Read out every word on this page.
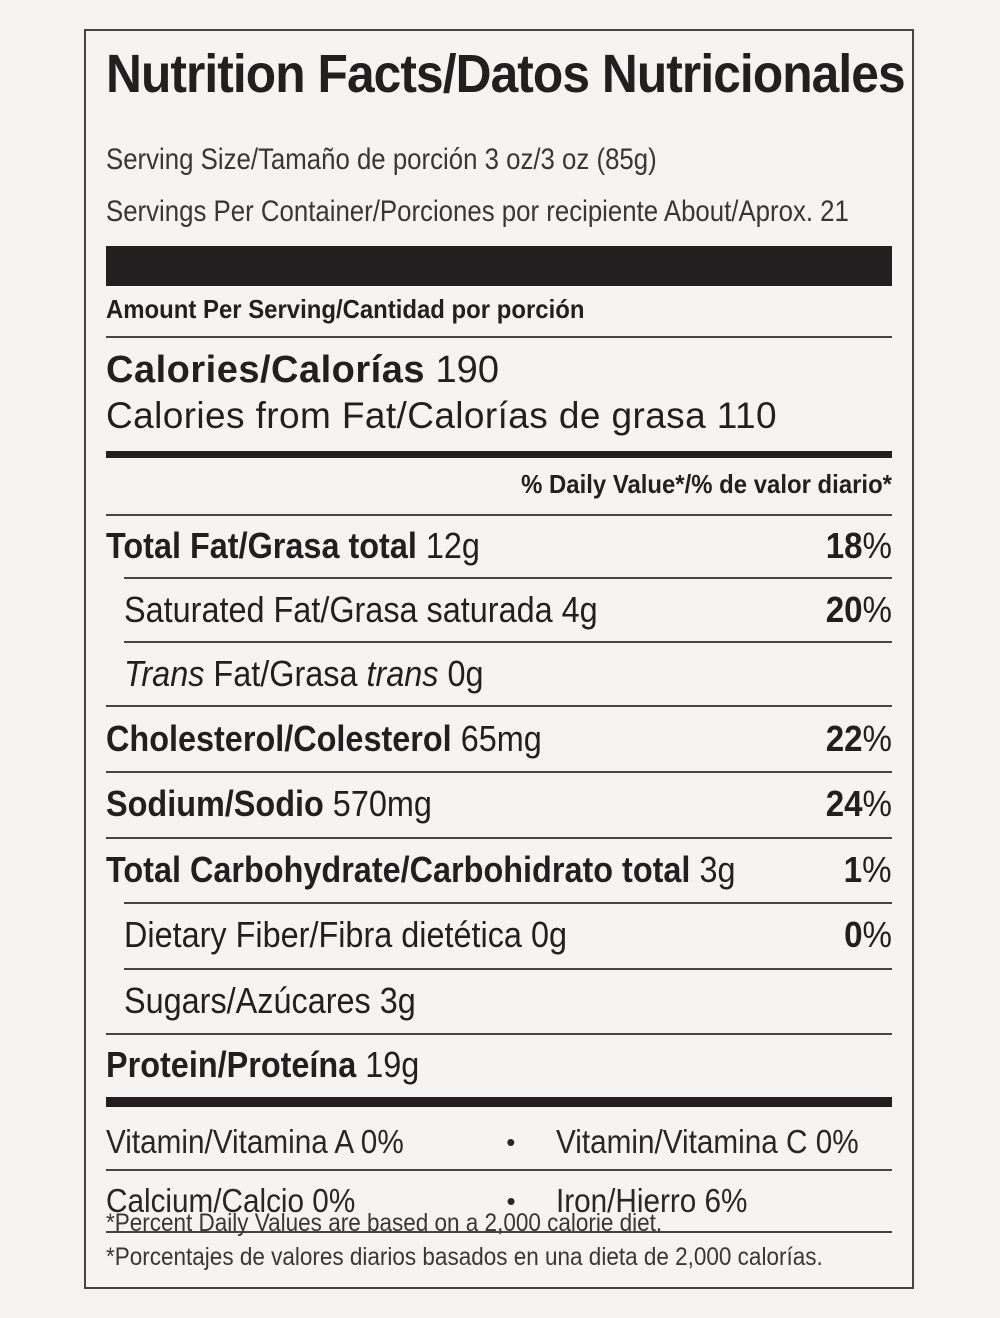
Nutrition Facts/Datos Nutricionales
Serving Size/Tamaño de porción 3 oz/3 oz (85g)
Servings Per Container/Porciones por recipiente About/Aprox. 21
Amount Per Serving/Cantidad por porción
Calories/Calorías 190
Calories from Fat/Calorías de grasa 110
% Daily Value*/% de valor diario*
Total Fat/Grasa total 12g	18%
Saturated Fat/Grasa saturada 4g	20%
Trans Fat/Grasa trans 0g
Cholesterol/Colesterol 65mg	22%
Sodium/Sodio 570mg	24%
Total Carbohydrate/Carbohidrato total 3g	1%
Dietary Fiber/Fibra dietética 0g	0%
Sugars/Azúcares 3g
Protein/Proteína 19g
Vitamin/Vitamina A 0%	•	Vitamin/Vitamina C 0%
Calcium/Calcio 0%	•	Iron/Hierro 6%
*Percent Daily Values are based on a 2,000 calorie diet.
*Porcentajes de valores diarios basados en una dieta de 2,000 calorías.
